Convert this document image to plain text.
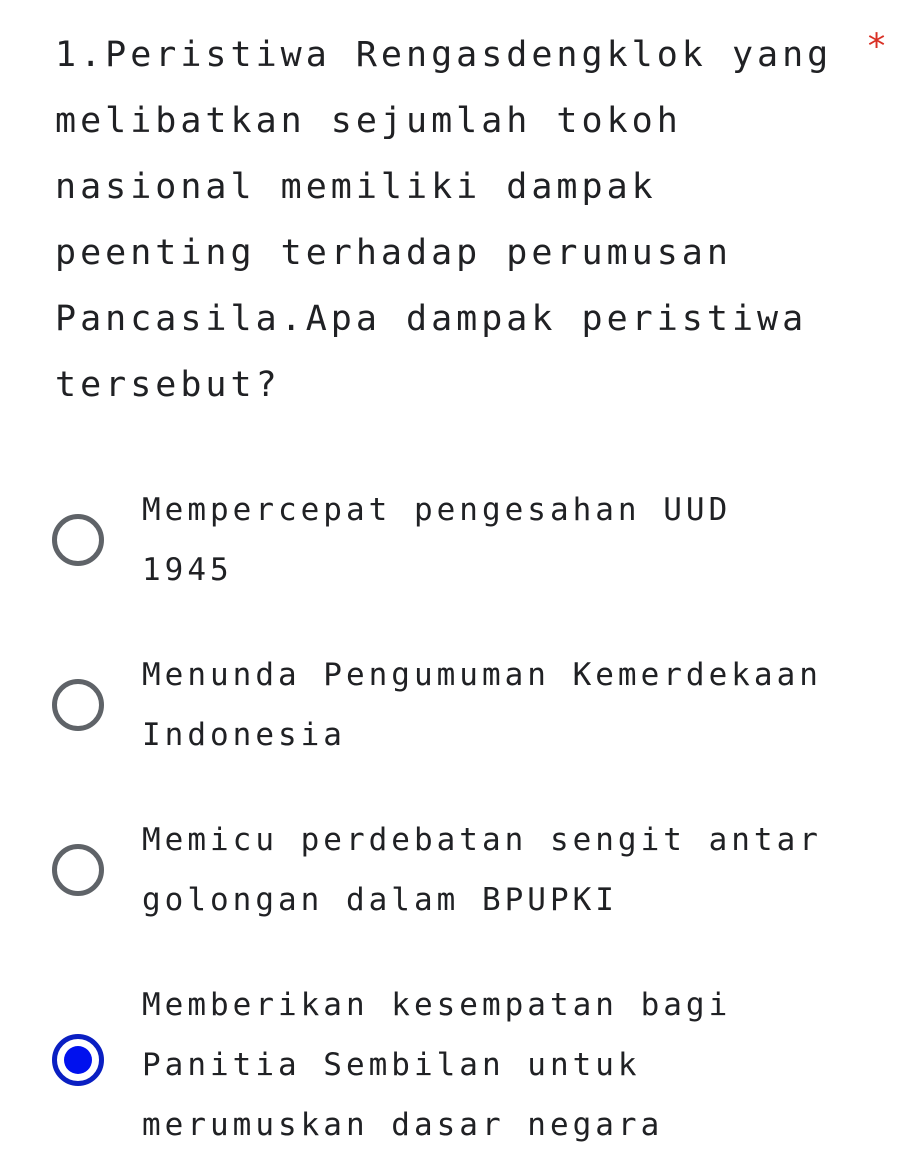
1.Peristiwa Rengasdengklok yang melibatkan sejumlah tokoh nasional memiliki dampak peenting terhadap perumusan Pancasila.Apa dampak peristiwa tersebut?
*
Mempercepat pengesahan UUD 1945
Menunda Pengumuman Kemerdekaan Indonesia
Memicu perdebatan sengit antar golongan dalam BPUPKI
Memberikan kesempatan bagi Panitia Sembilan untuk merumuskan dasar negara
